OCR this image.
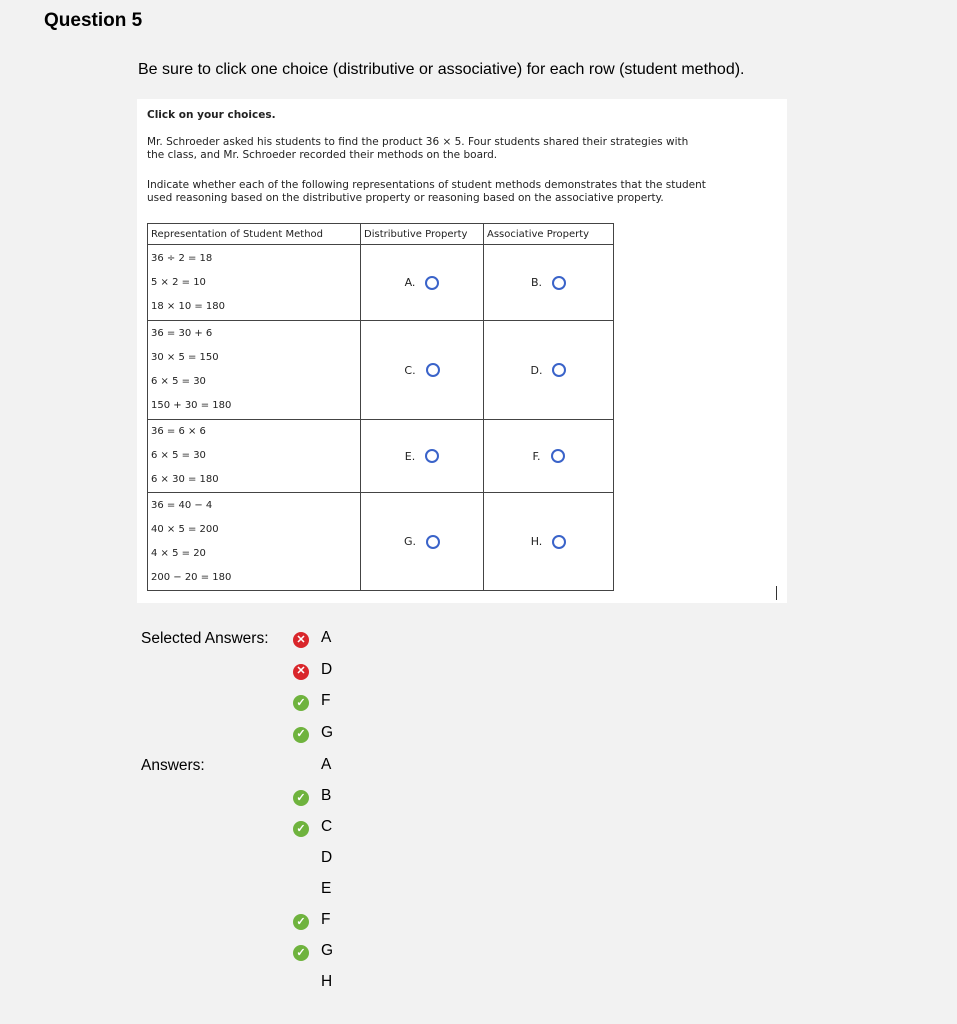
Question 5
Be sure to click one choice (distributive or associative) for each row (student method).
Click on your choices.
Mr. Schroeder asked his students to find the product 36 × 5. Four students shared their strategies with
the class, and Mr. Schroeder recorded their methods on the board.
Indicate whether each of the following representations of student methods demonstrates that the student
used reasoning based on the distributive property or reasoning based on the associative property.
Representation of Student Method	Distributive Property	Associative Property

36 ÷ 2 = 18
5 × 2 = 10
18 × 10 = 180	A.	B.

36 = 30 + 6
30 × 5 = 150
6 × 5 = 30
150 + 30 = 180	C.	D.

36 = 6 × 6
6 × 5 = 30
6 × 30 = 180	E.	F.

36 = 40 − 4
40 × 5 = 200
4 × 5 = 20
200 − 20 = 180	G.	H.
Selected Answers:	✕ A
✕ D
✓ F
✓ G
Answers:	A
✓ B
✓ C
D
E
✓ F
✓ G
H
